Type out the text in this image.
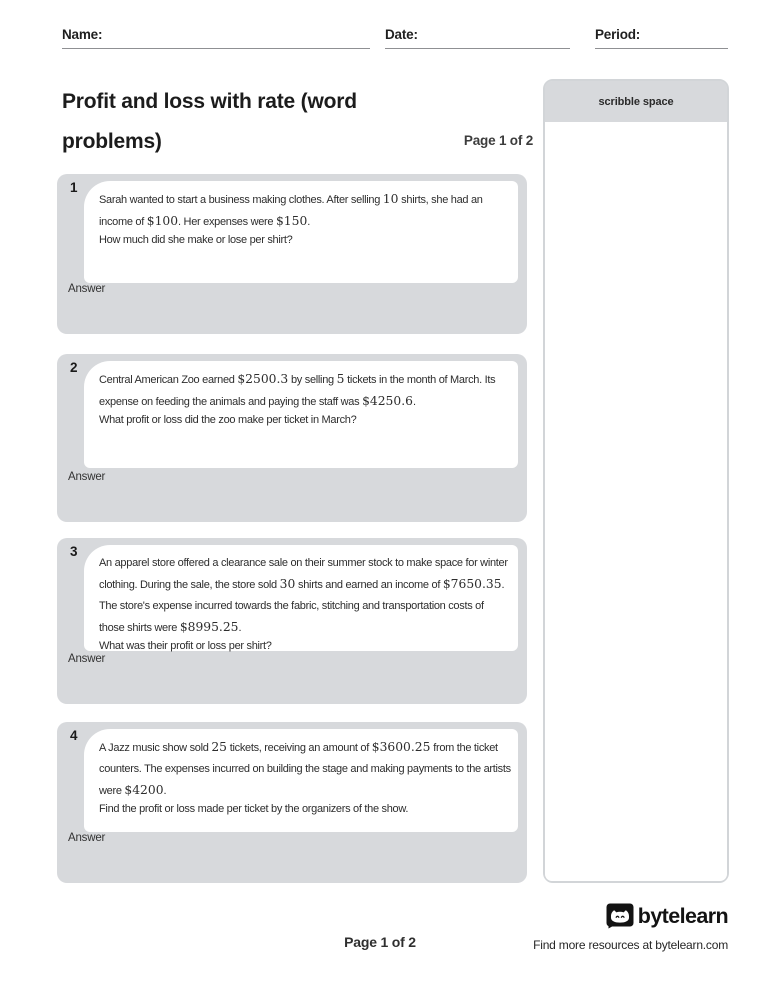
Name:	Date:	Period:
Profit and loss with rate (word problems)	Page 1 of 2
1
Sarah wanted to start a business making clothes. After selling 10 shirts, she had an income of $100. Her expenses were $150.
How much did she make or lose per shirt?
Answer
2
Central American Zoo earned $2500.3 by selling 5 tickets in the month of March. Its expense on feeding the animals and paying the staff was $4250.6.
What profit or loss did the zoo make per ticket in March?
Answer
3
An apparel store offered a clearance sale on their summer stock to make space for winter clothing. During the sale, the store sold 30 shirts and earned an income of $7650.35. The store's expense incurred towards the fabric, stitching and transportation costs of those shirts were $8995.25.
What was their profit or loss per shirt?
Answer
4
A Jazz music show sold 25 tickets, receiving an amount of $3600.25 from the ticket counters. The expenses incurred on building the stage and making payments to the artists were $4200.
Find the profit or loss made per ticket by the organizers of the show.
Answer
scribble space
Page 1 of 2
bytelearn
Find more resources at bytelearn.com
